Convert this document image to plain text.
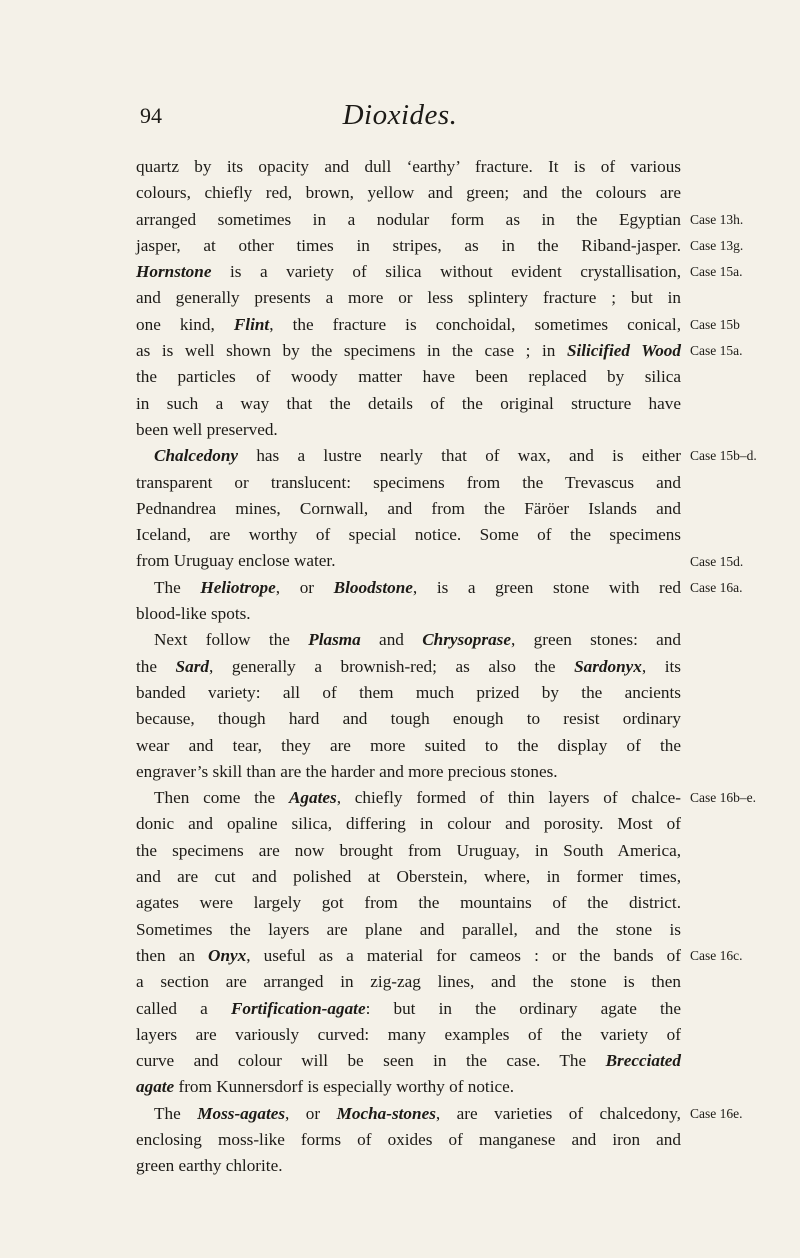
94	Dioxides.
quartz by its opacity and dull ‘earthy’ fracture. It is of various
colours, chiefly red, brown, yellow and green; and the colours are
arranged sometimes in a nodular form as in the Egyptian
jasper, at other times in stripes, as in the Riband-jasper.
Hornstone is a variety of silica without evident crystallisation,
and generally presents a more or less splintery fracture ; but in
one kind, Flint, the fracture is conchoidal, sometimes conical,
as is well shown by the specimens in the case ; in Silicified Wood
the particles of woody matter have been replaced by silica
in such a way that the details of the original structure have
been well preserved.
Chalcedony has a lustre nearly that of wax, and is either
transparent or translucent: specimens from the Trevascus and
Pednandrea mines, Cornwall, and from the Färöer Islands and
Iceland, are worthy of special notice. Some of the specimens
from Uruguay enclose water.
The Heliotrope, or Bloodstone, is a green stone with red
blood-like spots.
Next follow the Plasma and Chrysoprase, green stones: and
the Sard, generally a brownish-red; as also the Sardonyx, its
banded variety: all of them much prized by the ancients
because, though hard and tough enough to resist ordinary
wear and tear, they are more suited to the display of the
engraver’s skill than are the harder and more precious stones.
Then come the Agates, chiefly formed of thin layers of chalce-
donic and opaline silica, differing in colour and porosity. Most of
the specimens are now brought from Uruguay, in South America,
and are cut and polished at Oberstein, where, in former times,
agates were largely got from the mountains of the district.
Sometimes the layers are plane and parallel, and the stone is
then an Onyx, useful as a material for cameos : or the bands of
a section are arranged in zig-zag lines, and the stone is then
called a Fortification-agate: but in the ordinary agate the
layers are variously curved: many examples of the variety of
curve and colour will be seen in the case. The Brecciated
agate from Kunnersdorf is especially worthy of notice.
The Moss-agates, or Mocha-stones, are varieties of chalcedony,
enclosing moss-like forms of oxides of manganese and iron and
green earthy chlorite.
Case 13h.
Case 13g.
Case 15a.
Case 15b
Case 15a.
Case 15b–d.
Case 15d.
Case 16a.
Case 16b–e.
Case 16c.
Case 16e.
